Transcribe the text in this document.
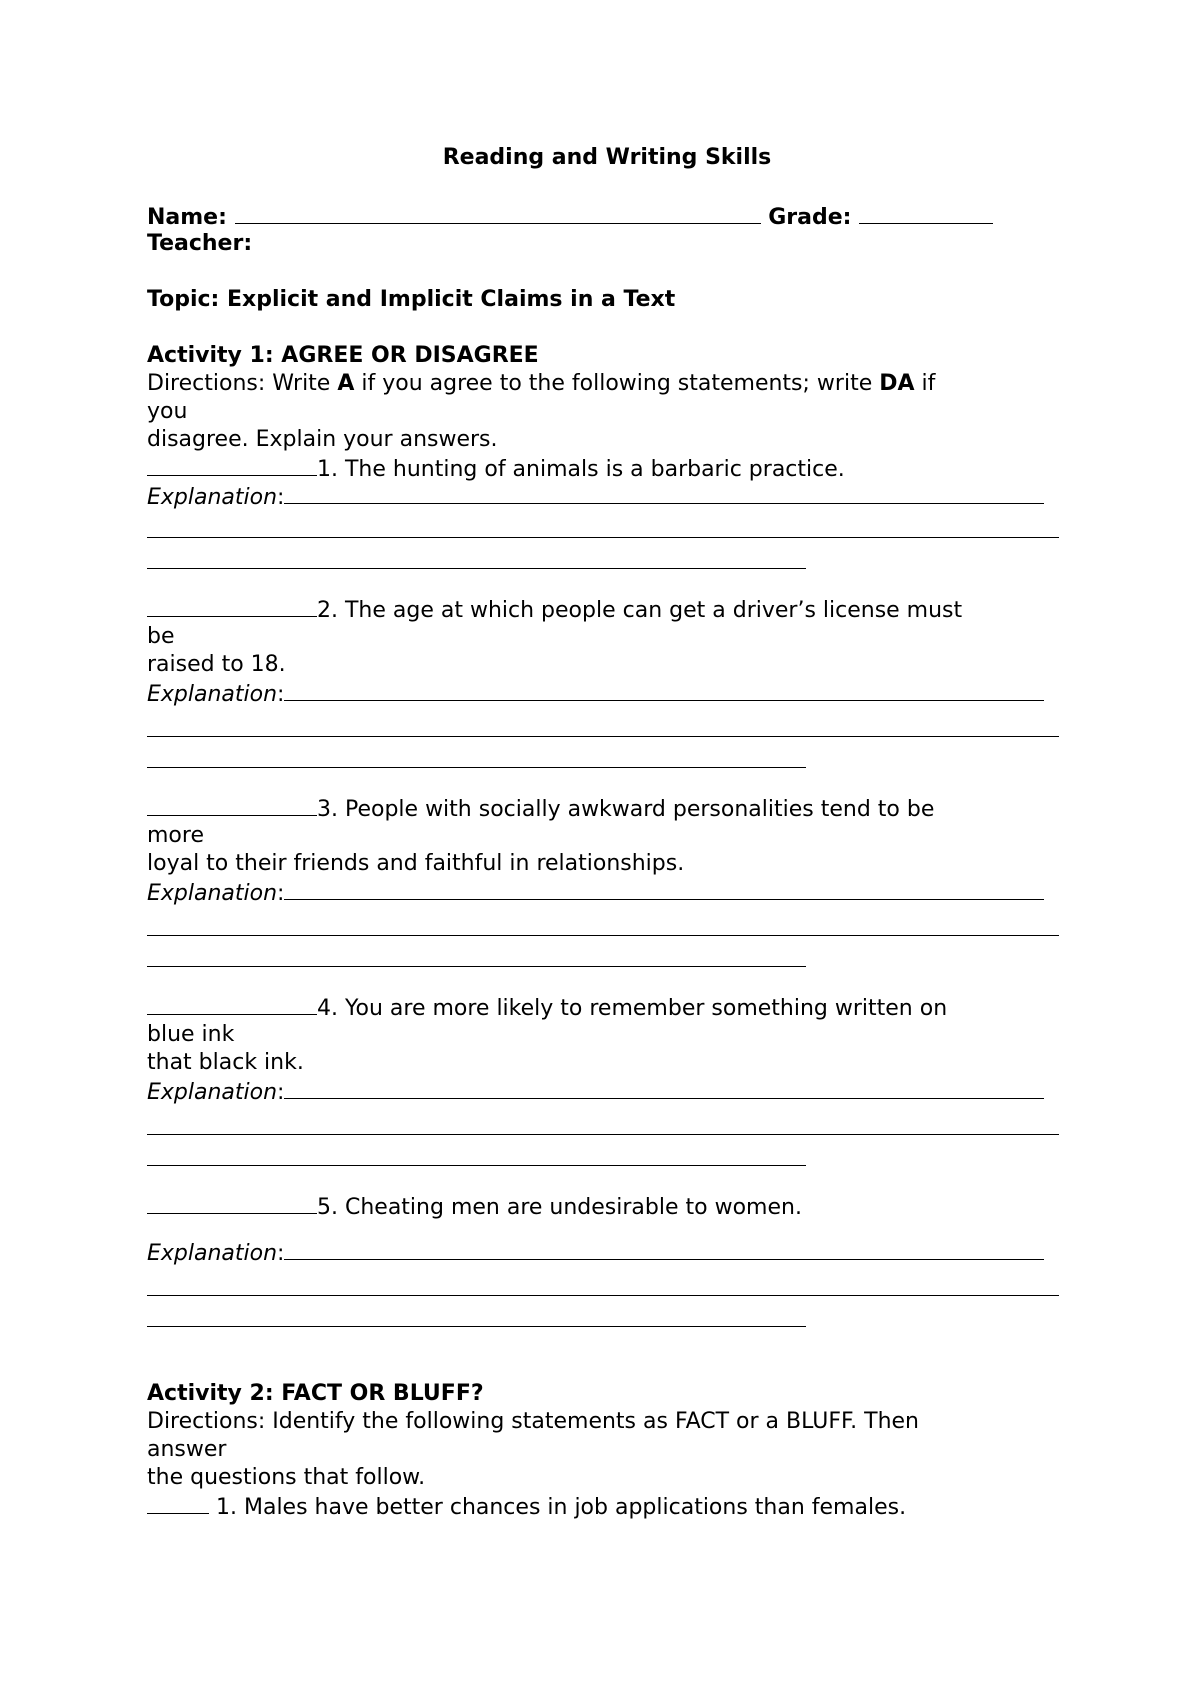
Reading and Writing Skills
Name:	Grade:
Teacher:
Topic: Explicit and Implicit Claims in a Text
Activity 1: AGREE OR DISAGREE
Directions: Write A if you agree to the following statements; write DA if
you
disagree. Explain your answers.
1. The hunting of animals is a barbaric practice.
Explanation:
2. The age at which people can get a driver’s license must
be
raised to 18.
Explanation:
3. People with socially awkward personalities tend to be
more
loyal to their friends and faithful in relationships.
Explanation:
4. You are more likely to remember something written on
blue ink
that black ink.
Explanation:
5. Cheating men are undesirable to women.
Explanation:
Activity 2: FACT OR BLUFF?
Directions: Identify the following statements as FACT or a BLUFF. Then
answer
the questions that follow.
1. Males have better chances in job applications than females.
